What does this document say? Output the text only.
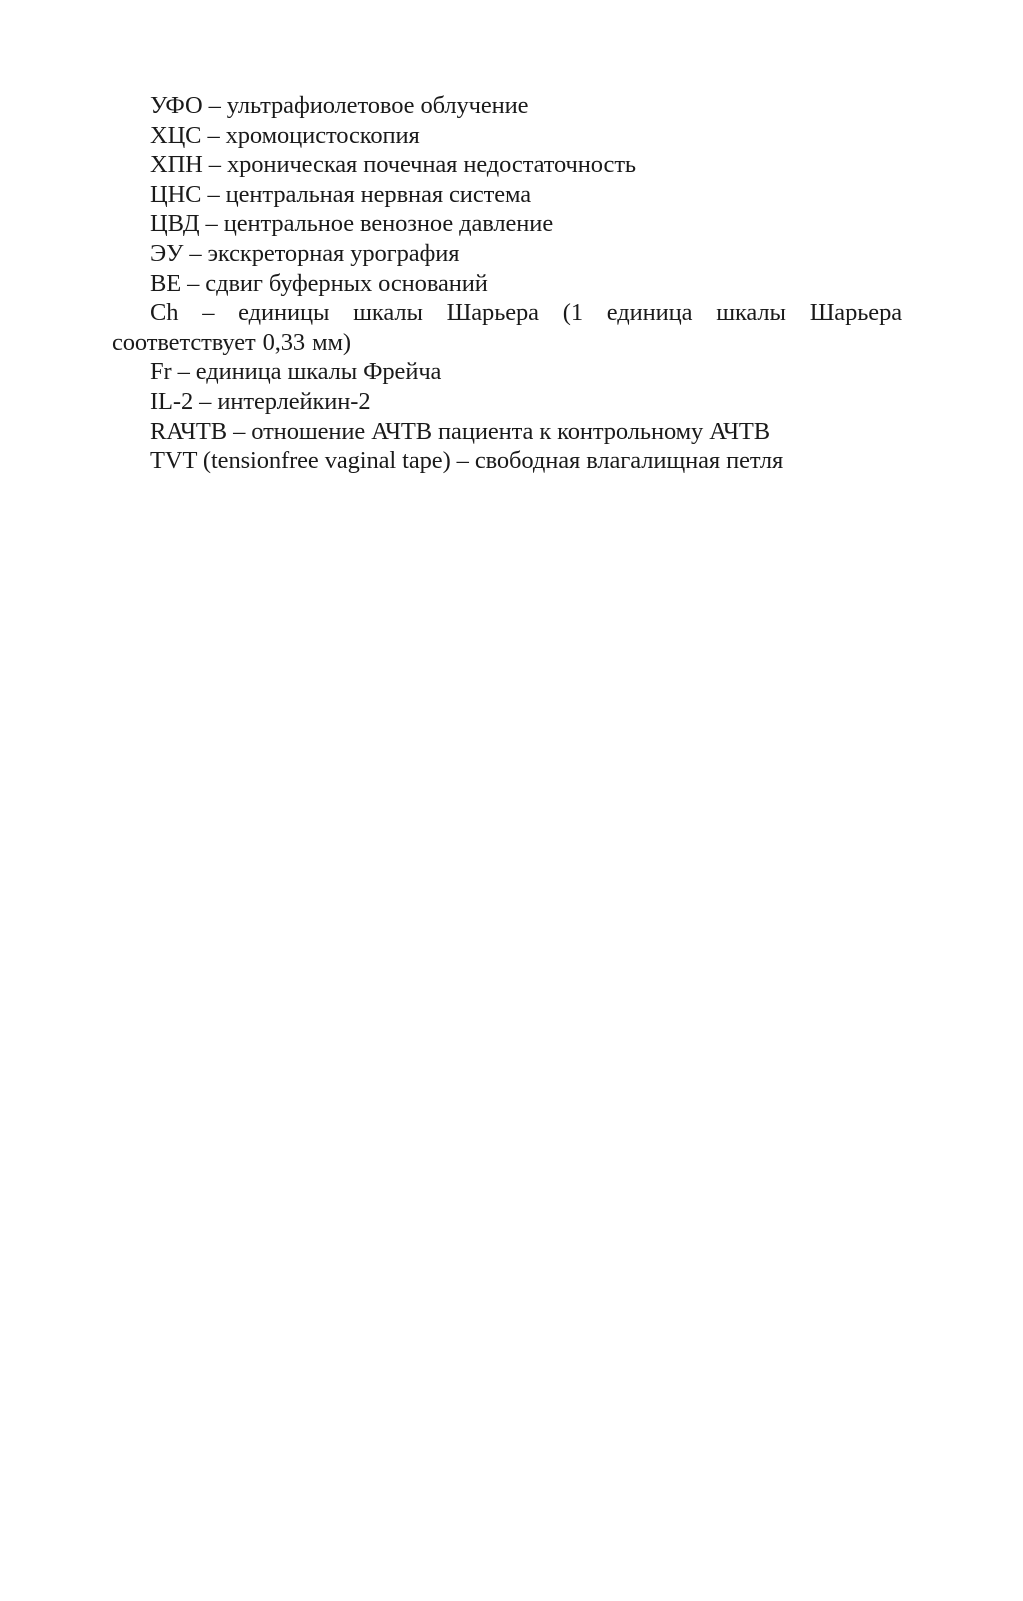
УФО – ультрафиолетовое облучение
ХЦС – хромоцистоскопия
ХПН – хроническая почечная недостаточность
ЦНС – центральная нервная система
ЦВД – центральное венозное давление
ЭУ – экскреторная урография
BE – сдвиг буферных оснований
Ch – единицы шкалы Шарьера (1 единица шкалы Шарьера соответствует 0,33 мм)
Fr – единица шкалы Фрейча
IL-2 – интерлейкин-2
RАЧТВ – отношение АЧТВ пациента к контрольному АЧТВ
TVT (tensionfree vaginal tape) – свободная влагалищная петля
